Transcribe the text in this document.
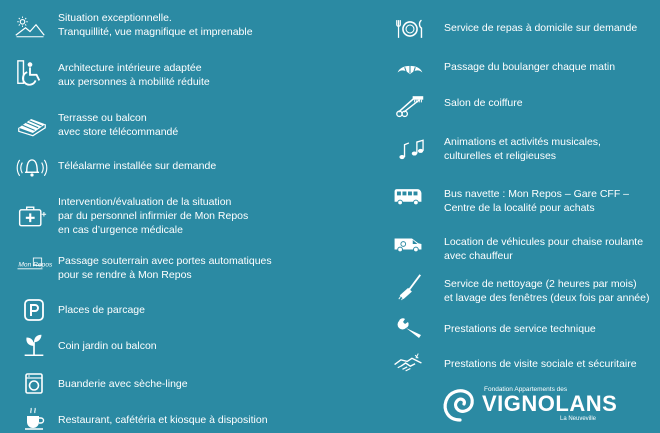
Situation exceptionnelle.
Tranquillité, vue magnifique et imprenable
Architecture intérieure adaptée
aux personnes à mobilité réduite
Terrasse ou balcon
avec store télécommandé
Téléalarme installée sur demande
Intervention/évaluation de la situation
par du personnel infirmier de Mon Repos
en cas d’urgence médicale
Mon Repos Passage souterrain avec portes automatiques
pour se rendre à Mon Repos
Places de parcage
Coin jardin ou balcon
Buanderie avec sèche-linge
Restaurant, cafétéria et kiosque à disposition
Service de repas à domicile sur demande
Passage du boulanger chaque matin
Salon de coiffure
Animations et activités musicales,
culturelles et religieuses
Bus navette : Mon Repos – Gare CFF –
Centre de la localité pour achats
Location de véhicules pour chaise roulante
avec chauffeur
Service de nettoyage (2 heures par mois)
et lavage des fenêtres (deux fois par année)
Prestations de service technique
Prestations de visite sociale et sécuritaire
Fondation Appartements des
VIGNOLANS
La Neuveville
